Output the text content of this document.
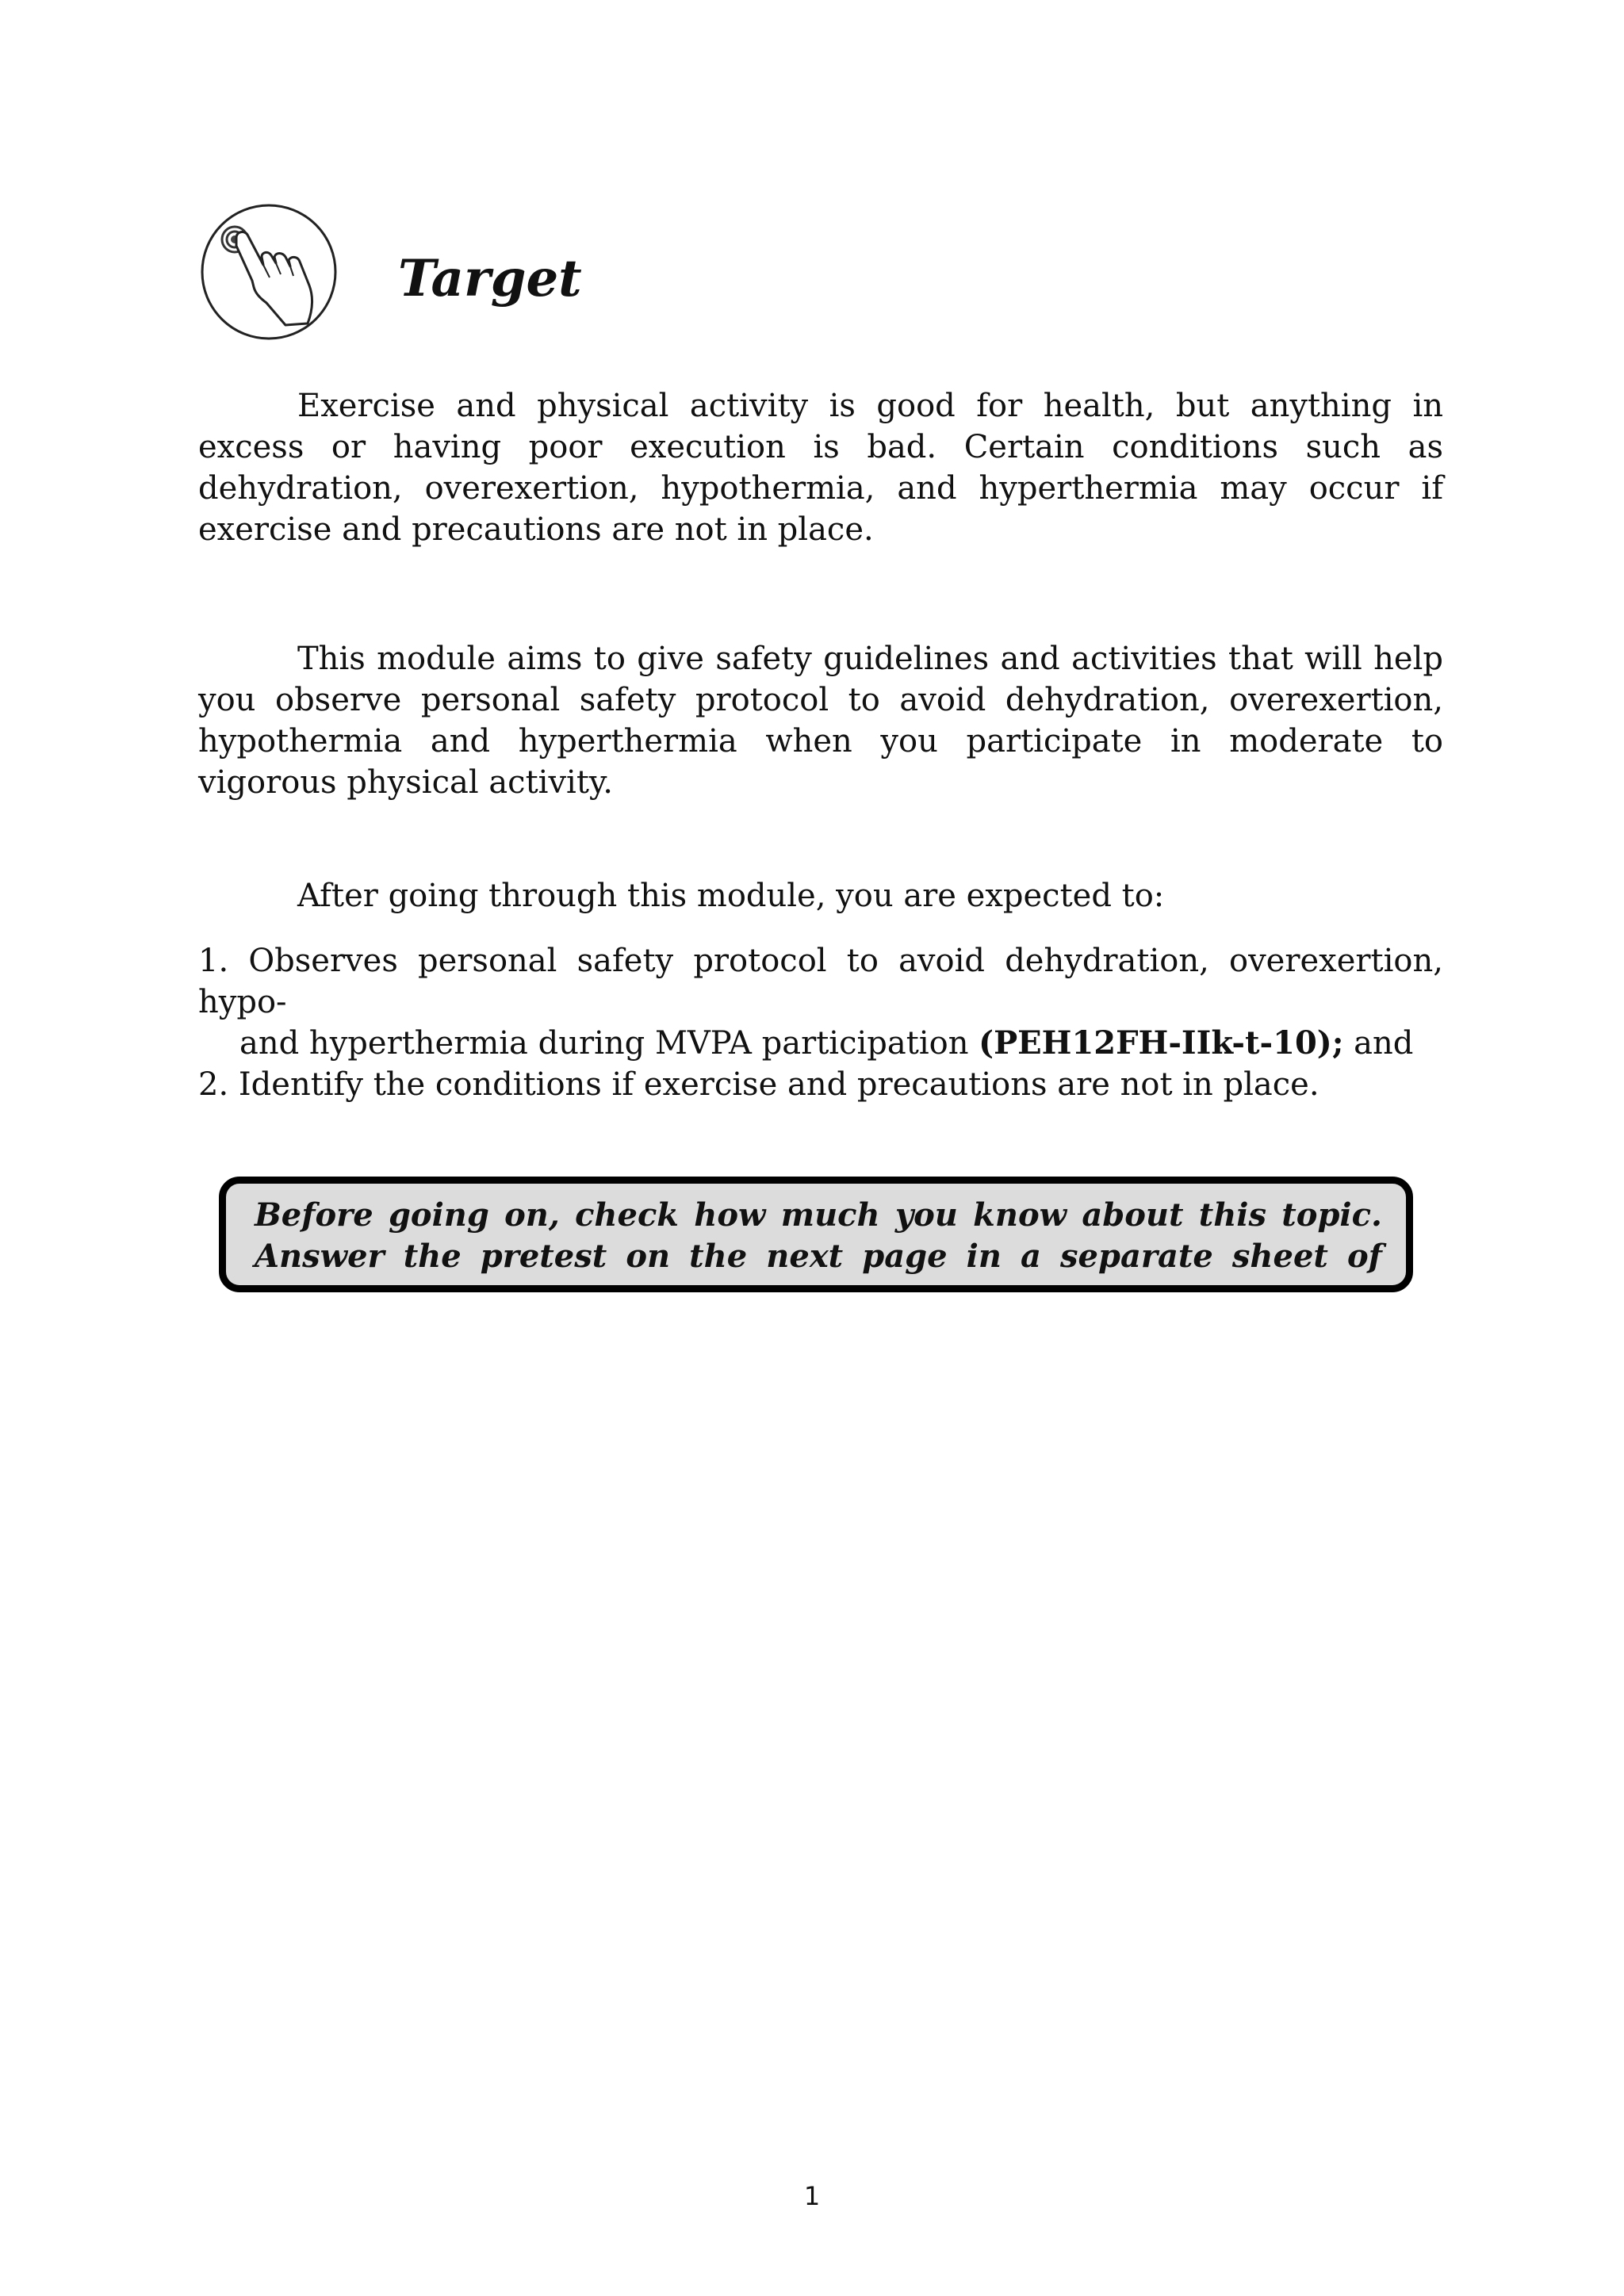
Target

Exercise and physical activity is good for health, but anything in excess or having poor execution is bad. Certain conditions such as dehydration, overexertion, hypothermia, and hyperthermia may occur if exercise and precautions are not in place.

This module aims to give safety guidelines and activities that will help you observe personal safety protocol to avoid dehydration, overexertion, hypothermia and hyperthermia when you participate in moderate to vigorous physical activity.

After going through this module, you are expected to:

1. Observes personal safety protocol to avoid dehydration, overexertion,
hypo-
and hyperthermia during MVPA participation (PEH12FH-IIk-t-10); and
2. Identify the conditions if exercise and precautions are not in place.
Before going on, check how much you know about this topic.
Answer the pretest on the next page in a separate sheet of
1
